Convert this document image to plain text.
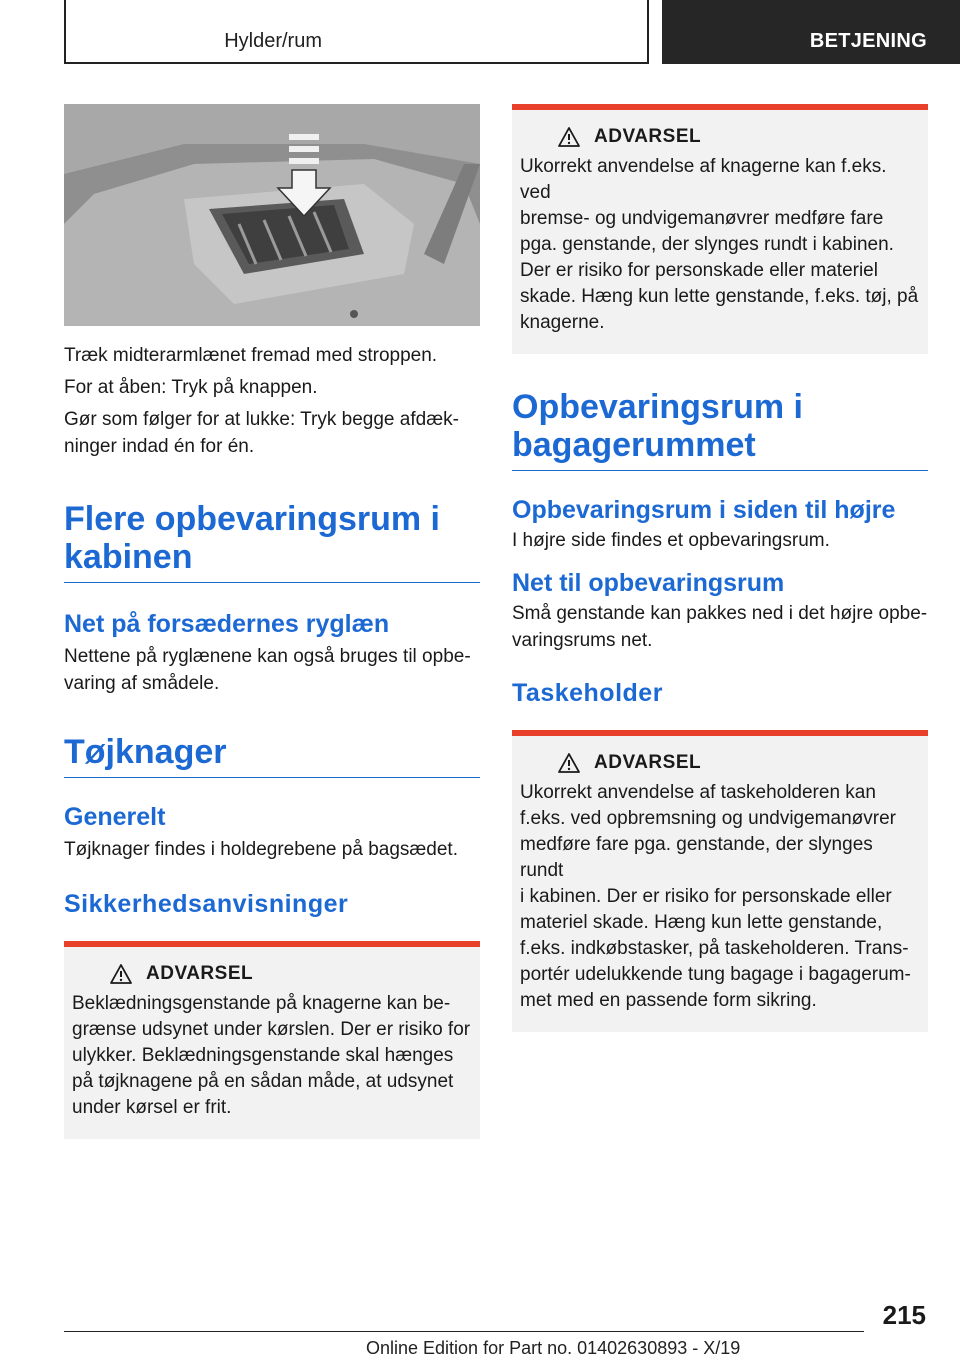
Hylder/rum	BETJENING

Træk midterarmlænet fremad med stroppen.

For at åben: Tryk på knappen.

Gør som følger for at lukke: Tryk begge afdæk-

ninger indad én for én.

Flere opbevaringsrum i kabinen
Net på forsædernes ryglæn

Nettene på ryglænene kan også bruges til opbe-

varing af smådele.

Tøjknager
Generelt

Tøjknager findes i holdegrebene på bagsædet.

Sikkerhedsanvisninger
ADVARSEL

Beklædningsgenstande på knagerne kan be-

grænse udsynet under kørslen. Der er risiko for

ulykker. Beklædningsgenstande skal hænges

på tøjknagene på en sådan måde, at udsynet

under kørsel er frit.

ADVARSEL

Ukorrekt anvendelse af knagerne kan f.eks. ved

bremse- og undvigemanøvrer medføre fare

pga. genstande, der slynges rundt i kabinen.

Der er risiko for personskade eller materiel

skade. Hæng kun lette genstande, f.eks. tøj, på

knagerne.

Opbevaringsrum i bagagerummet
Opbevaringsrum i siden til højre

I højre side findes et opbevaringsrum.

Net til opbevaringsrum

Små genstande kan pakkes ned i det højre opbe-

varingsrums net.

Taskeholder
ADVARSEL

Ukorrekt anvendelse af taskeholderen kan

f.eks. ved opbremsning og undvigemanøvrer

medføre fare pga. genstande, der slynges rundt

i kabinen. Der er risiko for personskade eller

materiel skade. Hæng kun lette genstande,

f.eks. indkøbstasker, på taskeholderen. Trans-

portér udelukkende tung bagage i bagagerum-

met med en passende form sikring.

215
Online Edition for Part no. 01402630893 - X/19
